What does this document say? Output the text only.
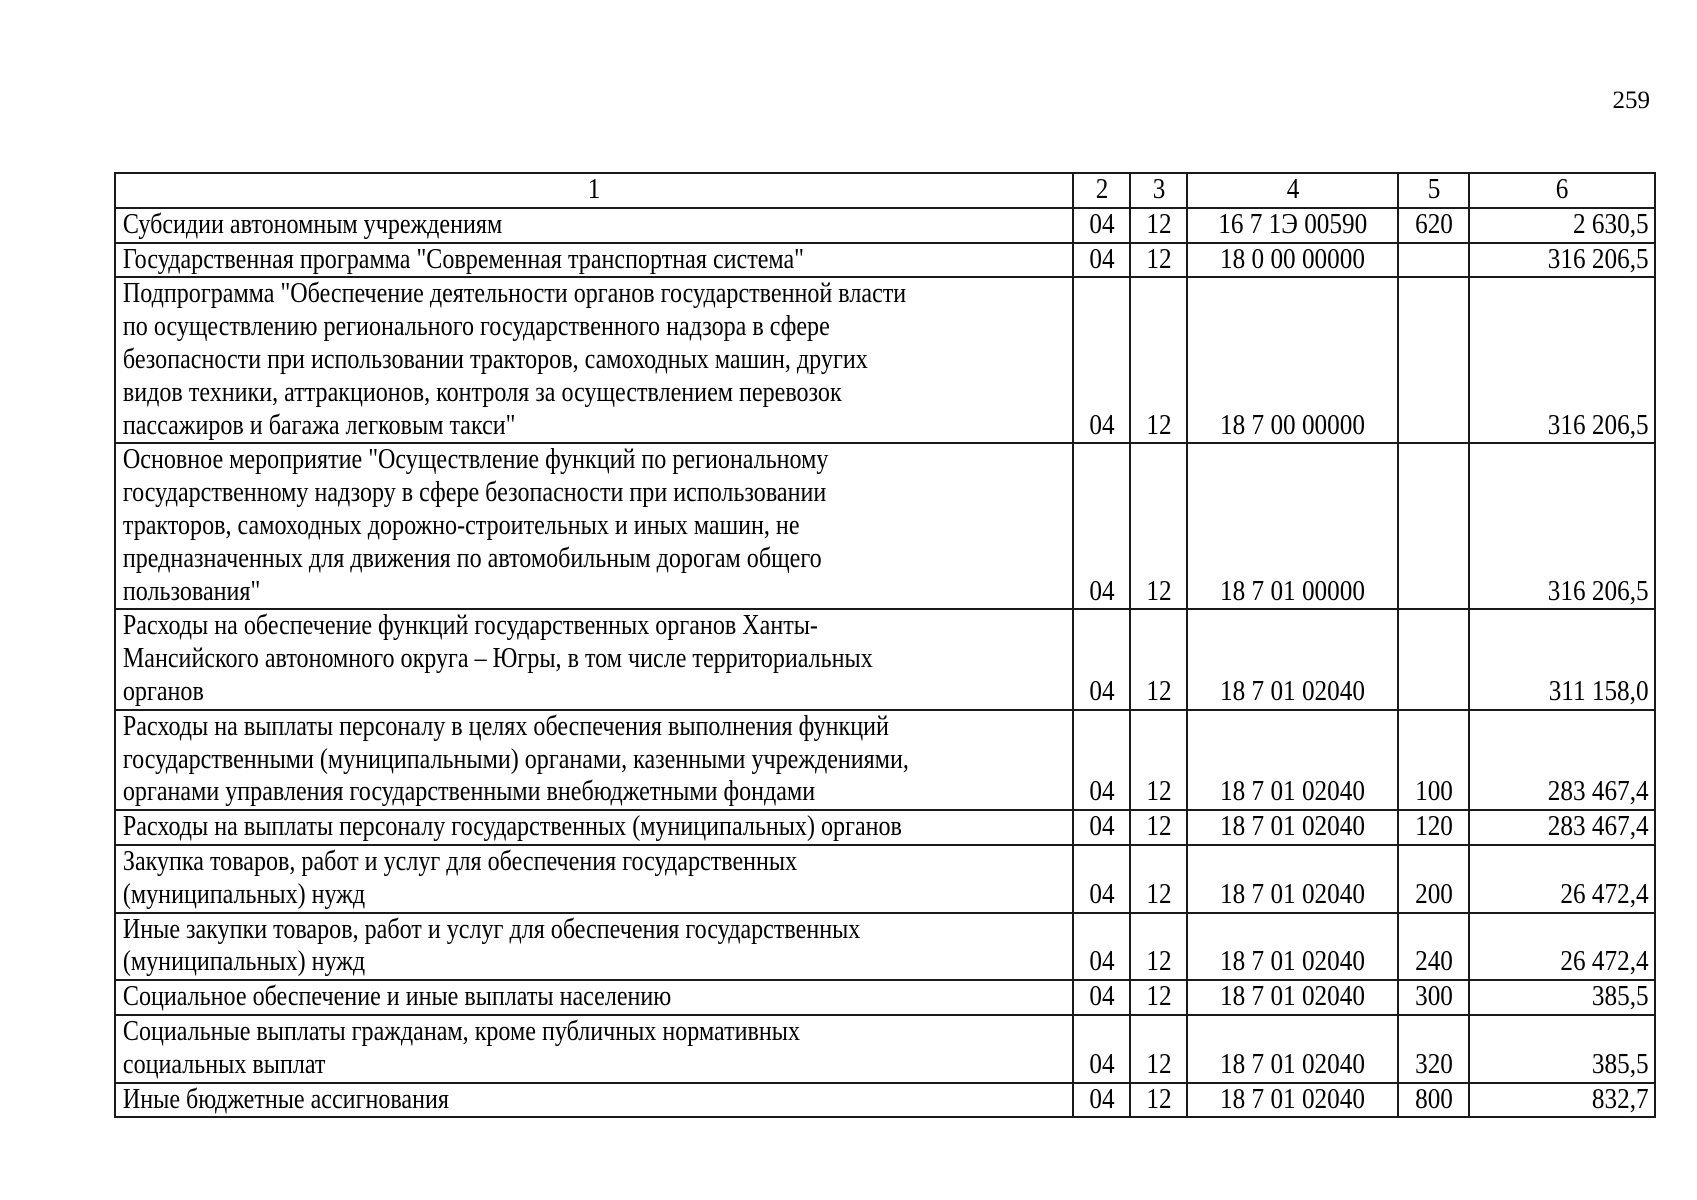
259
1	2	3	4	5	6

Субсидии автономным учреждениям	04	12	16 7 1Э 00590	620	2 630,5

Государственная программа "Современная транспортная система"	04	12	18 0 00 00000		316 206,5

Подпрограмма "Обеспечение деятельности органов государственной власти
по осуществлению регионального государственного надзора в сфере
безопасности при использовании тракторов, самоходных машин, других
видов техники, аттракционов, контроля за осуществлением перевозок
пассажиров и багажа легковым такси"	04	12	18 7 00 00000		316 206,5

Основное мероприятие "Осуществление функций по региональному
государственному надзору в сфере безопасности при использовании
тракторов, самоходных дорожно-строительных и иных машин, не
предназначенных для движения по автомобильным дорогам общего
пользования"	04	12	18 7 01 00000		316 206,5

Расходы на обеспечение функций государственных органов Ханты-
Мансийского автономного округа – Югры, в том числе территориальных
органов	04	12	18 7 01 02040		311 158,0

Расходы на выплаты персоналу в целях обеспечения выполнения функций
государственными (муниципальными) органами, казенными учреждениями,
органами управления государственными внебюджетными фондами	04	12	18 7 01 02040	100	283 467,4

Расходы на выплаты персоналу государственных (муниципальных) органов	04	12	18 7 01 02040	120	283 467,4

Закупка товаров, работ и услуг для обеспечения государственных
(муниципальных) нужд	04	12	18 7 01 02040	200	26 472,4

Иные закупки товаров, работ и услуг для обеспечения государственных
(муниципальных) нужд	04	12	18 7 01 02040	240	26 472,4

Социальное обеспечение и иные выплаты населению	04	12	18 7 01 02040	300	385,5

Социальные выплаты гражданам, кроме публичных нормативных
социальных выплат	04	12	18 7 01 02040	320	385,5

Иные бюджетные ассигнования	04	12	18 7 01 02040	800	832,7
